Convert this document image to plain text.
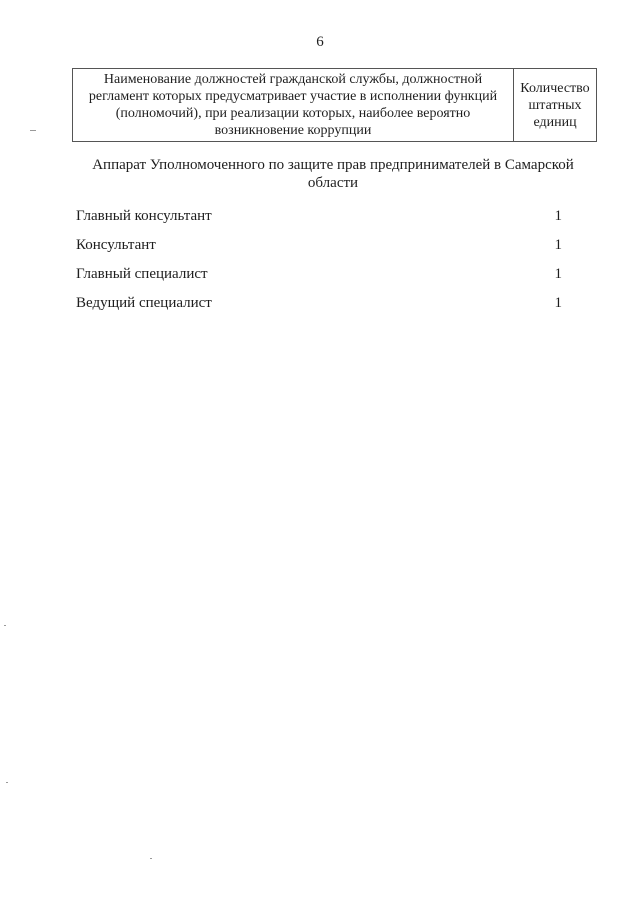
6
Наименование должностей гражданской службы, должностной регламент которых предусматривает участие в исполнении функций (полномочий), при реализации которых, наиболее вероятно возникновение коррупции	Количество штатных единиц
Аппарат Уполномоченного по защите прав предпринимателей в Самарской области
Главный консультант	1
Консультант	1
Главный специалист	1
Ведущий специалист	1
